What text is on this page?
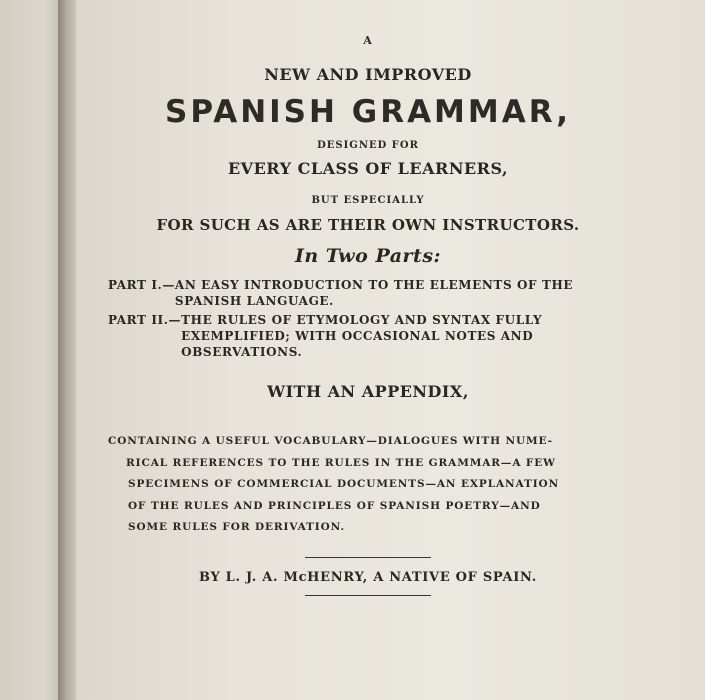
A

NEW AND IMPROVED

SPANISH GRAMMAR,

DESIGNED FOR

EVERY CLASS OF LEARNERS,

BUT ESPECIALLY

FOR SUCH AS ARE THEIR OWN INSTRUCTORS.

In Two Parts:

PART I.— AN EASY INTRODUCTION TO THE ELEMENTS OF THE
SPANISH LANGUAGE.
PART II.— THE RULES OF ETYMOLOGY AND SYNTAX FULLY
EXEMPLIFIED; WITH OCCASIONAL NOTES AND
OBSERVATIONS.

WITH AN APPENDIX,

CONTAINING A USEFUL VOCABULARY—DIALOGUES WITH NUME-
RICAL REFERENCES TO THE RULES IN THE GRAMMAR—A FEW
SPECIMENS OF COMMERCIAL DOCUMENTS—AN EXPLANATION
OF THE RULES AND PRINCIPLES OF SPANISH POETRY—AND
SOME RULES FOR DERIVATION.

BY L. J. A. McHENRY, A NATIVE OF SPAIN.
